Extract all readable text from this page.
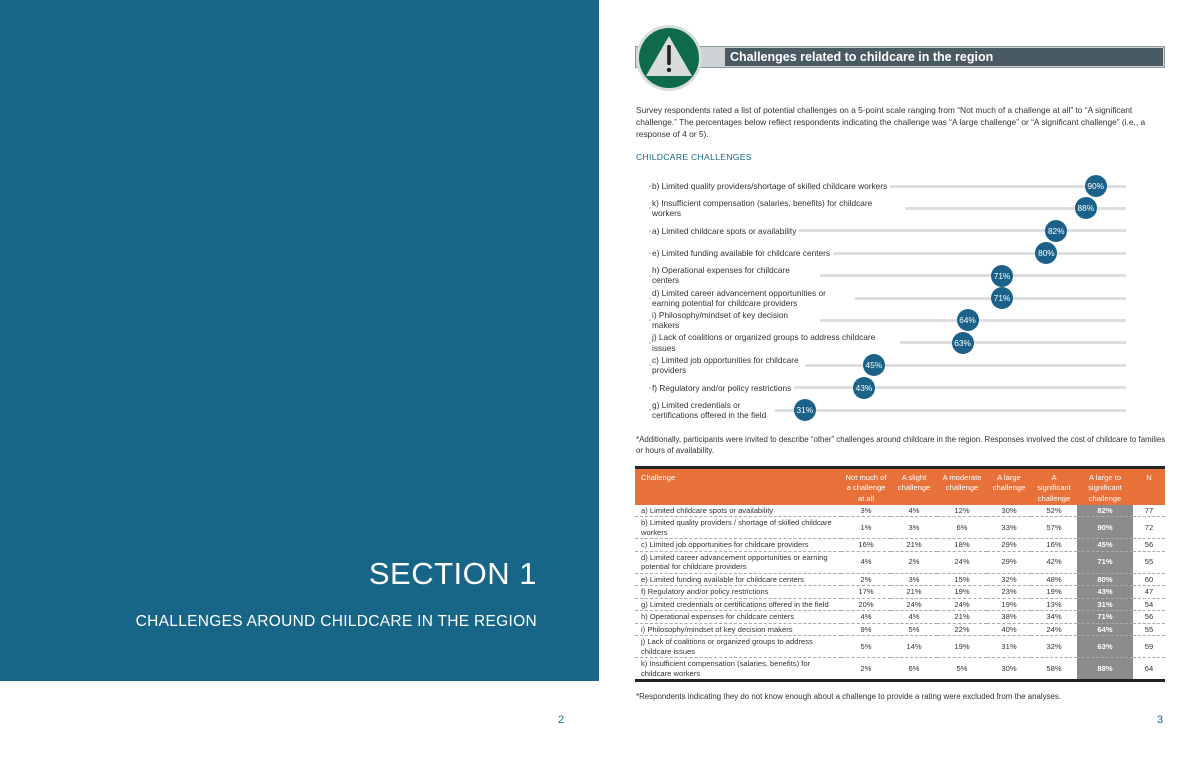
SECTION 1
CHALLENGES AROUND CHILDCARE IN THE REGION
2
Challenges related to childcare in the region
Survey respondents rated a list of potential challenges on a 5-point scale ranging from “Not much of a challenge at all” to “A significant challenge.” The percentages below reflect respondents indicating the challenge was “A large challenge” or “A significant challenge” (i.e., a response of 4 or 5).
CHILDCARE CHALLENGES
b) Limited quality providers/shortage of skilled childcare workers	90%
k) Insufficient compensation (salaries, benefits) for childcare workers	88%
a) Limited childcare spots or availability	82%
e) Limited funding available for childcare centers	80%
h) Operational expenses for childcare centers	71%
d) Limited career advancement opportunities or earning potential for childcare providers	71%
i) Philosophy/mindset of key decision makers	64%
j) Lack of coalitions or organized groups to address childcare issues	63%
c) Limited job opportunities for childcare providers	45%
f) Regulatory and/or policy restrictions	43%
g) Limited credentials or certifications offered in the field	31%
*Additionally, participants were invited to describe “other” challenges around childcare in the region. Responses involved the cost of childcare to families or hours of availability.
Challenge	Not much of a challenge at all	A slight challenge	A moderate challenge	A large challenge	A significant challenge	A large to significant challenge	N
a) Limited childcare spots or availability	3%	4%	12%	30%	52%	82%	77
b) Limited quality providers / shortage of skilled childcare workers	1%	3%	6%	33%	57%	90%	72
c) Limited job opportunities for childcare providers	16%	21%	18%	29%	16%	45%	56
d) Limited career advancement opportunities or earning potential for childcare providers	4%	2%	24%	29%	42%	71%	55
e) Limited funding available for childcare centers	2%	3%	15%	32%	48%	80%	60
f) Regulatory and/or policy restrictions	17%	21%	19%	23%	19%	43%	47
g) Limited credentials or certifications offered in the field	20%	24%	24%	19%	13%	31%	54
h) Operational expenses for childcare centers	4%	4%	21%	38%	34%	71%	56
i) Philosophy/mindset of key decision makers	9%	5%	22%	40%	24%	64%	55
j) Lack of coalitions or organized groups to address childcare issues	5%	14%	19%	31%	32%	63%	59
k) Insufficient compensation (salaries, benefits) for childcare workers	2%	6%	5%	30%	58%	88%	64
*Respondents indicating they do not know enough about a challenge to provide a rating were excluded from the analyses.
3
